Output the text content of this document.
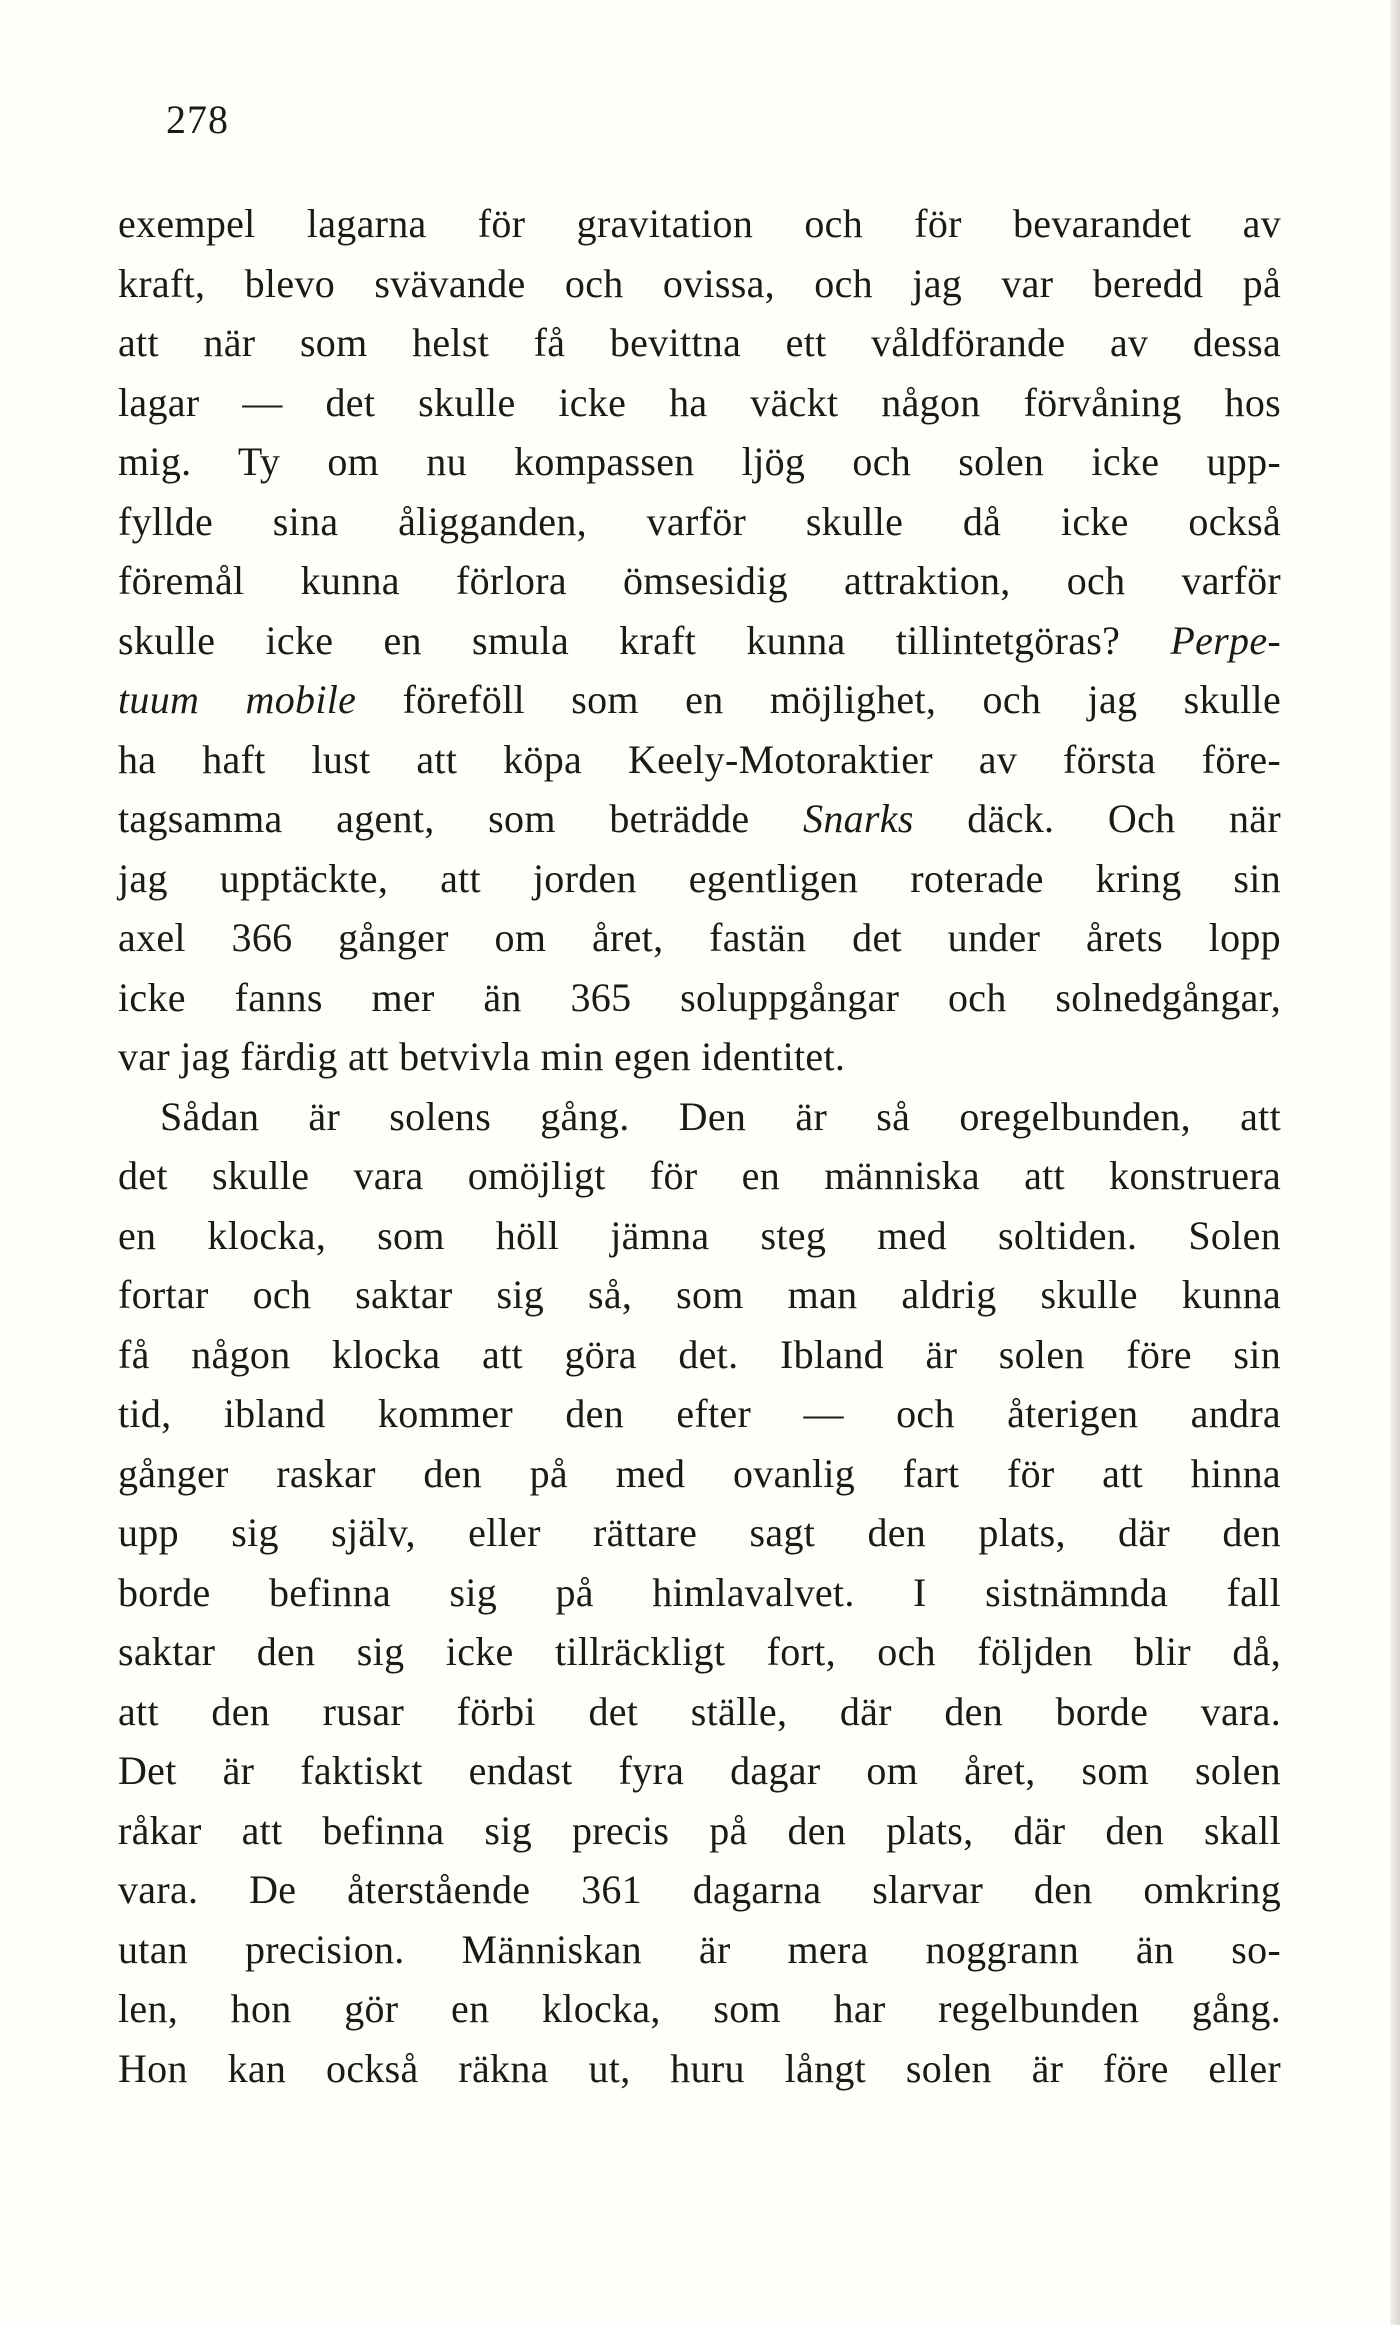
278
exempel lagarna för gravitation och för bevarandet av
kraft, blevo svävande och ovissa, och jag var beredd på
att när som helst få bevittna ett våldförande av dessa
lagar — det skulle icke ha väckt någon förvåning hos
mig. Ty om nu kompassen ljög och solen icke upp-
fyllde sina åligganden, varför skulle då icke också
föremål kunna förlora ömsesidig attraktion, och varför
skulle icke en smula kraft kunna tillintetgöras? Perpe-
tuum mobile föreföll som en möjlighet, och jag skulle
ha haft lust att köpa Keely-Motoraktier av första före-
tagsamma agent, som beträdde Snarks däck. Och när
jag upptäckte, att jorden egentligen roterade kring sin
axel 366 gånger om året, fastän det under årets lopp
icke fanns mer än 365 soluppgångar och solnedgångar,
var jag färdig att betvivla min egen identitet.
Sådan är solens gång. Den är så oregelbunden, att
det skulle vara omöjligt för en människa att konstruera
en klocka, som höll jämna steg med soltiden. Solen
fortar och saktar sig så, som man aldrig skulle kunna
få någon klocka att göra det. Ibland är solen före sin
tid, ibland kommer den efter — och återigen andra
gånger raskar den på med ovanlig fart för att hinna
upp sig själv, eller rättare sagt den plats, där den
borde befinna sig på himlavalvet. I sistnämnda fall
saktar den sig icke tillräckligt fort, och följden blir då,
att den rusar förbi det ställe, där den borde vara.
Det är faktiskt endast fyra dagar om året, som solen
råkar att befinna sig precis på den plats, där den skall
vara. De återstående 361 dagarna slarvar den omkring
utan precision. Människan är mera noggrann än so-
len, hon gör en klocka, som har regelbunden gång.
Hon kan också räkna ut, huru långt solen är före eller
